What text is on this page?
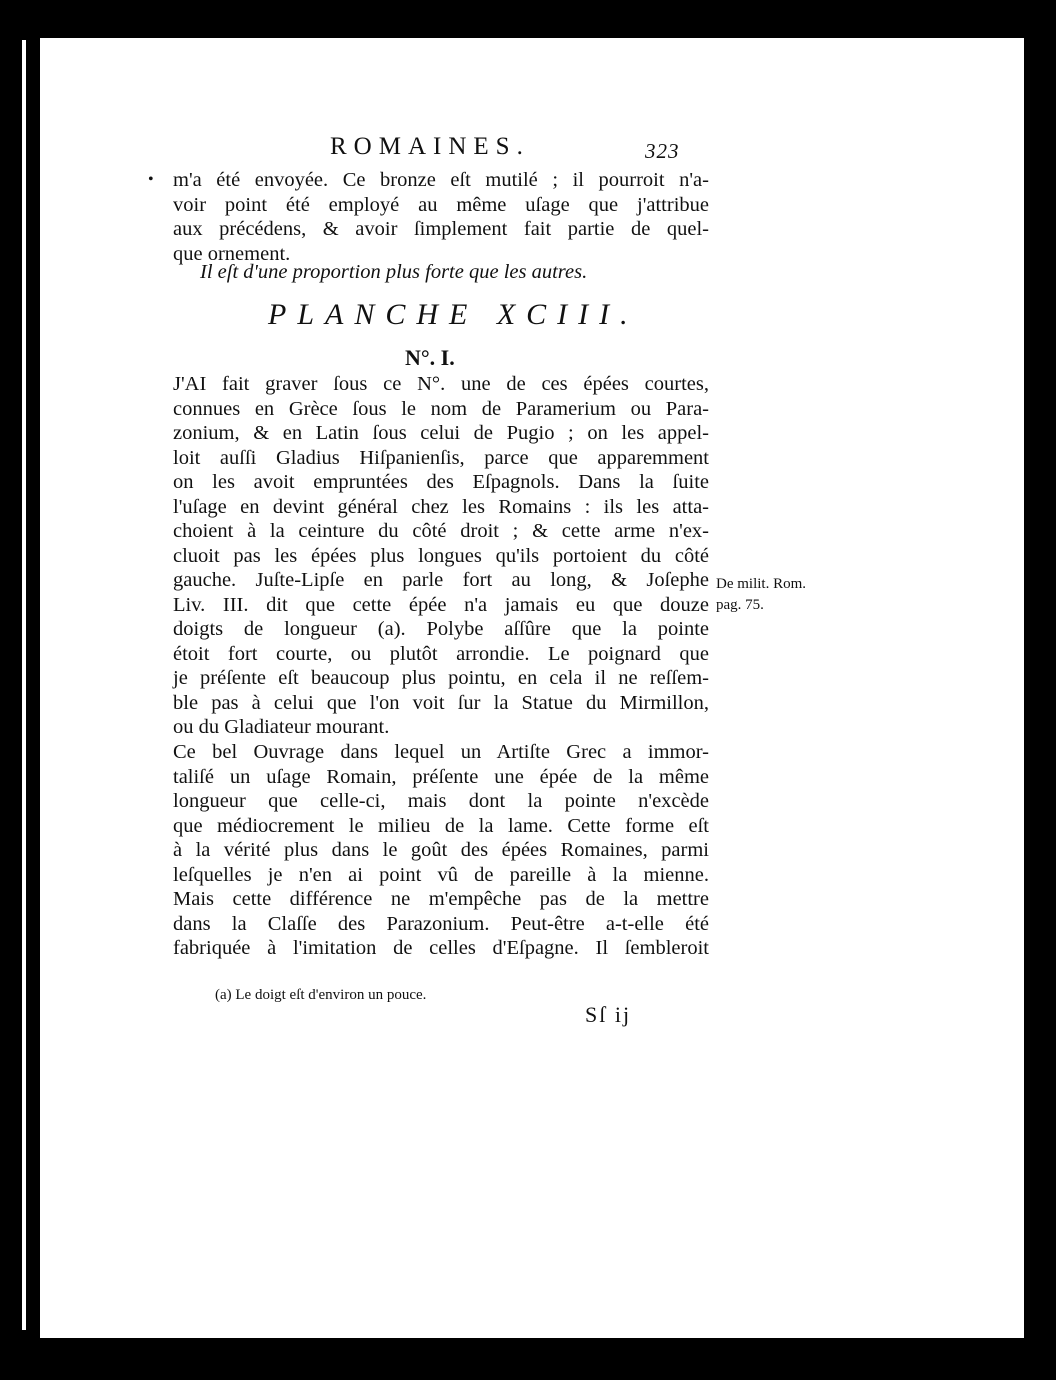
•
ROMAINES.	323
m'a été envoyée. Ce bronze eſt mutilé ; il pourroit n'a-
voir point été employé au même uſage que j'attribue
aux précédens, & avoir ſimplement fait partie de quel-
que ornement.
Il eſt d'une proportion plus forte que les autres.
PLANCHE XCIII.
N°. I.
J'AI fait graver ſous ce N°. une de ces épées courtes,
connues en Grèce ſous le nom de Paramerium ou Para-
zonium, & en Latin ſous celui de Pugio ; on les appel-
loit auſſi Gladius Hiſpanienſis, parce que apparemment
on les avoit empruntées des Eſpagnols. Dans la ſuite
l'uſage en devint général chez les Romains : ils les atta-
choient à la ceinture du côté droit ; & cette arme n'ex-
cluoit pas les épées plus longues qu'ils portoient du côté
gauche. Juſte-Lipſe en parle fort au long, & Joſephe
Liv. III. dit que cette épée n'a jamais eu que douze
doigts de longueur (a). Polybe aſſûre que la pointe
étoit fort courte, ou plutôt arrondie. Le poignard que
je préſente eſt beaucoup plus pointu, en cela il ne reſſem-
ble pas à celui que l'on voit ſur la Statue du Mirmillon,
ou du Gladiateur mourant.
De milit. Rom.
pag. 75.
Ce bel Ouvrage dans lequel un Artiſte Grec a immor-
taliſé un uſage Romain, préſente une épée de la même
longueur que celle-ci, mais dont la pointe n'excède
que médiocrement le milieu de la lame. Cette forme eſt
à la vérité plus dans le goût des épées Romaines, parmi
leſquelles je n'en ai point vû de pareille à la mienne.
Mais cette différence ne m'empêche pas de la mettre
dans la Claſſe des Parazonium. Peut-être a-t-elle été
fabriquée à l'imitation de celles d'Eſpagne. Il ſembleroit
(a) Le doigt eſt d'environ un pouce.
Sſ ij
